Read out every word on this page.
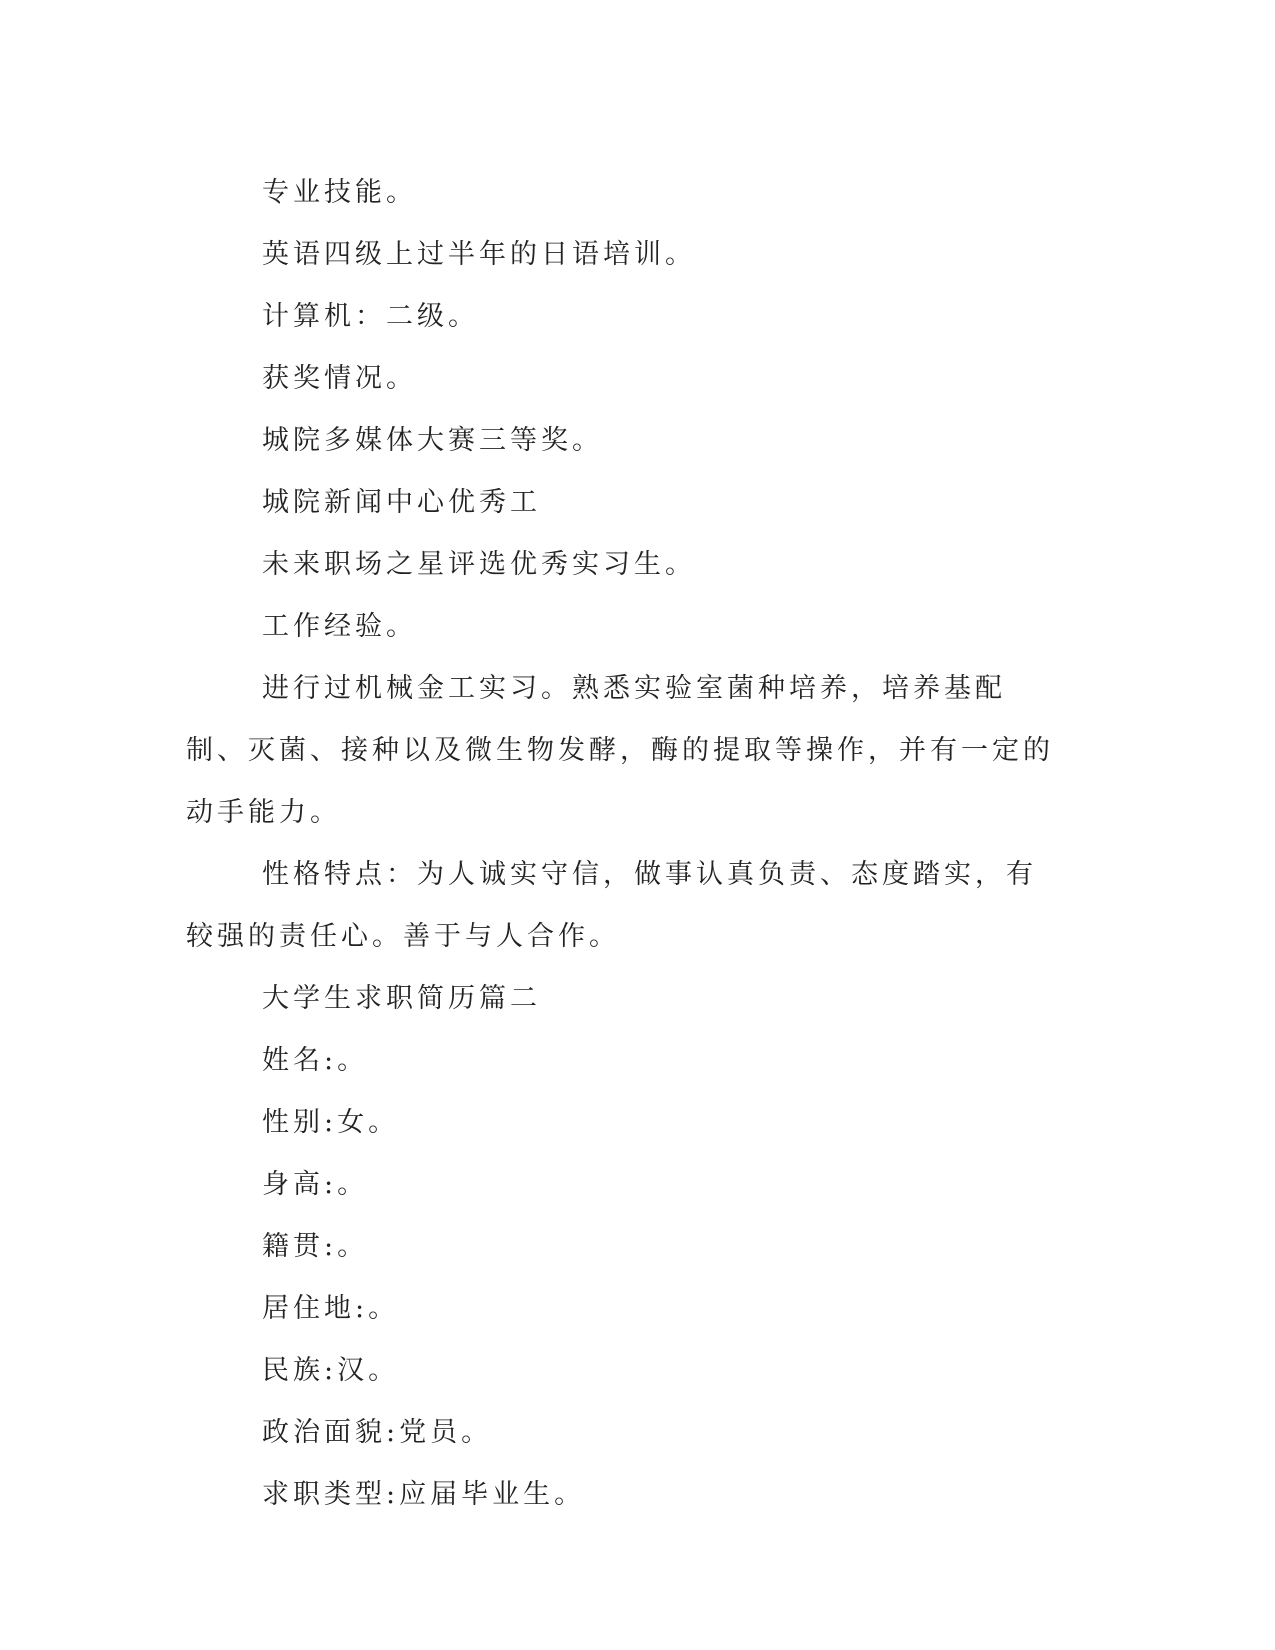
专业技能。

英语四级上过半年的日语培训。

计算机：二级。

获奖情况。

城院多媒体大赛三等奖。

城院新闻中心优秀工

未来职场之星评选优秀实习生。

工作经验。

进行过机械金工实习。熟悉实验室菌种培养，培养基配制、灭菌、接种以及微生物发酵，酶的提取等操作，并有一定的动手能力。

性格特点：为人诚实守信，做事认真负责、态度踏实，有较强的责任心。善于与人合作。

大学生求职简历篇二

姓名:。

性别:女。

身高:。

籍贯:。

居住地:。

民族:汉。

政治面貌:党员。

求职类型:应届毕业生。
